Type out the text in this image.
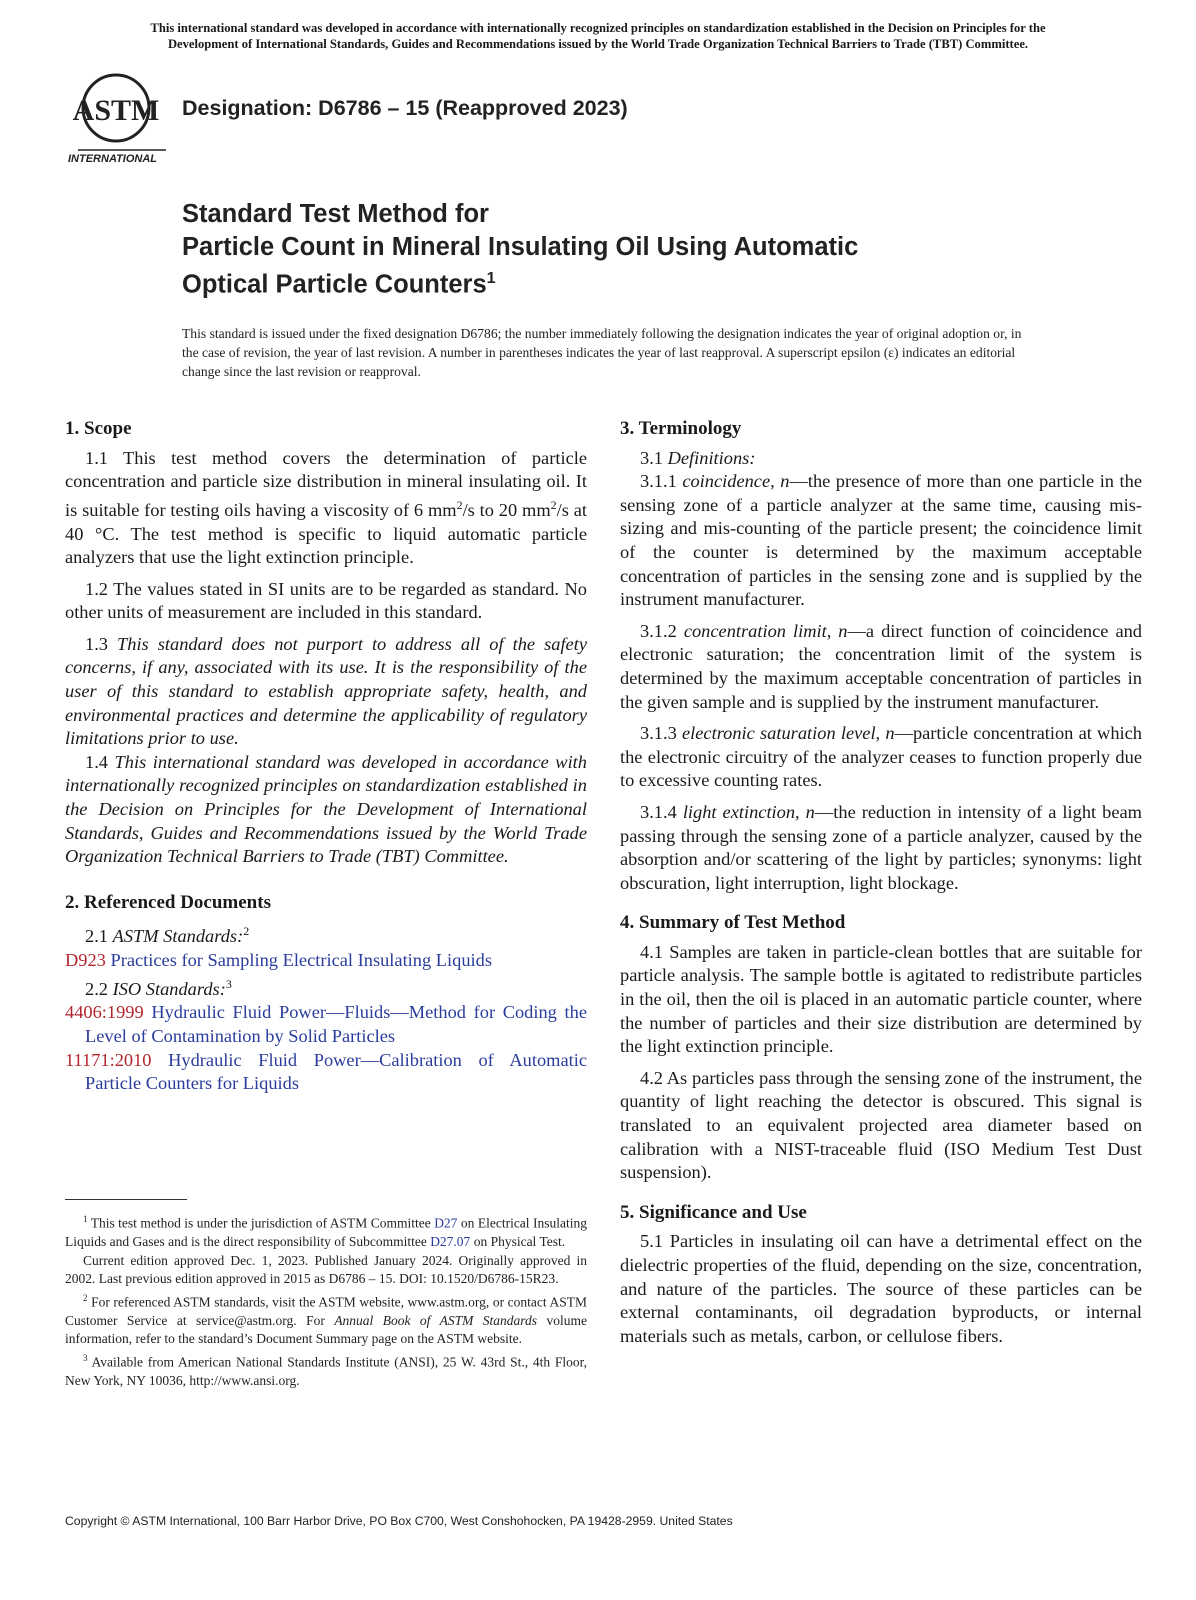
This international standard was developed in accordance with internationally recognized principles on standardization established in the Decision on Principles for the
Development of International Standards, Guides and Recommendations issued by the World Trade Organization Technical Barriers to Trade (TBT) Committee.
ASTM
INTERNATIONAL
Designation: D6786 – 15 (Reapproved 2023)
Standard Test Method for
Particle Count in Mineral Insulating Oil Using Automatic
Optical Particle Counters$^1$
This standard is issued under the fixed designation D6786; the number immediately following the designation indicates the year of original adoption or, in the case of revision, the year of last revision. A number in parentheses indicates the year of last reapproval. A superscript epsilon (ε) indicates an editorial change since the last revision or reapproval.
1. Scope

1.1 This test method covers the determination of particle concentration and particle size distribution in mineral insulating oil. It is suitable for testing oils having a viscosity of 6 $mm^2/s$ to 20 $mm^2/s$ at 40 °C. The test method is specific to liquid automatic particle analyzers that use the light extinction principle.

1.2 The values stated in SI units are to be regarded as standard. No other units of measurement are included in this standard.

1.3 This standard does not purport to address all of the safety concerns, if any, associated with its use. It is the responsibility of the user of this standard to establish appropriate safety, health, and environmental practices and determine the applicability of regulatory limitations prior to use.

1.4 This international standard was developed in accordance with internationally recognized principles on standardization established in the Decision on Principles for the Development of International Standards, Guides and Recommendations issued by the World Trade Organization Technical Barriers to Trade (TBT) Committee.

2. Referenced Documents

2.1 ASTM Standards:$^2$

D923 Practices for Sampling Electrical Insulating Liquids

2.2 ISO Standards:$^3$

4406:1999 Hydraulic Fluid Power—Fluids—Method for Coding the Level of Contamination by Solid Particles

11171:2010 Hydraulic Fluid Power—Calibration of Automatic Particle Counters for Liquids

3. Terminology

3.1 Definitions:

3.1.1 coincidence, n—the presence of more than one particle in the sensing zone of a particle analyzer at the same time, causing mis-sizing and mis-counting of the particle present; the coincidence limit of the counter is determined by the maximum acceptable concentration of particles in the sensing zone and is supplied by the instrument manufacturer.

3.1.2 concentration limit, n—a direct function of coincidence and electronic saturation; the concentration limit of the system is determined by the maximum acceptable concentration of particles in the given sample and is supplied by the instrument manufacturer.

3.1.3 electronic saturation level, n—particle concentration at which the electronic circuitry of the analyzer ceases to function properly due to excessive counting rates.

3.1.4 light extinction, n—the reduction in intensity of a light beam passing through the sensing zone of a particle analyzer, caused by the absorption and/or scattering of the light by particles; synonyms: light obscuration, light interruption, light blockage.

4. Summary of Test Method

4.1 Samples are taken in particle-clean bottles that are suitable for particle analysis. The sample bottle is agitated to redistribute particles in the oil, then the oil is placed in an automatic particle counter, where the number of particles and their size distribution are determined by the light extinction principle.

4.2 As particles pass through the sensing zone of the instrument, the quantity of light reaching the detector is obscured. This signal is translated to an equivalent projected area diameter based on calibration with a NIST-traceable fluid (ISO Medium Test Dust suspension).

5. Significance and Use

5.1 Particles in insulating oil can have a detrimental effect on the dielectric properties of the fluid, depending on the size, concentration, and nature of the particles. The source of these particles can be external contaminants, oil degradation byproducts, or internal materials such as metals, carbon, or cellulose fibers.

$^1$ This test method is under the jurisdiction of ASTM Committee D27 on Electrical Insulating Liquids and Gases and is the direct responsibility of Subcommittee D27.07 on Physical Test.

Current edition approved Dec. 1, 2023. Published January 2024. Originally approved in 2002. Last previous edition approved in 2015 as D6786 – 15. DOI: 10.1520/D6786-15R23.

$^2$ For referenced ASTM standards, visit the ASTM website, www.astm.org, or contact ASTM Customer Service at service@astm.org. For Annual Book of ASTM Standards volume information, refer to the standard’s Document Summary page on the ASTM website.

$^3$ Available from American National Standards Institute (ANSI), 25 W. 43rd St., 4th Floor, New York, NY 10036, http://www.ansi.org.

Copyright © ASTM International, 100 Barr Harbor Drive, PO Box C700, West Conshohocken, PA 19428-2959. United States
